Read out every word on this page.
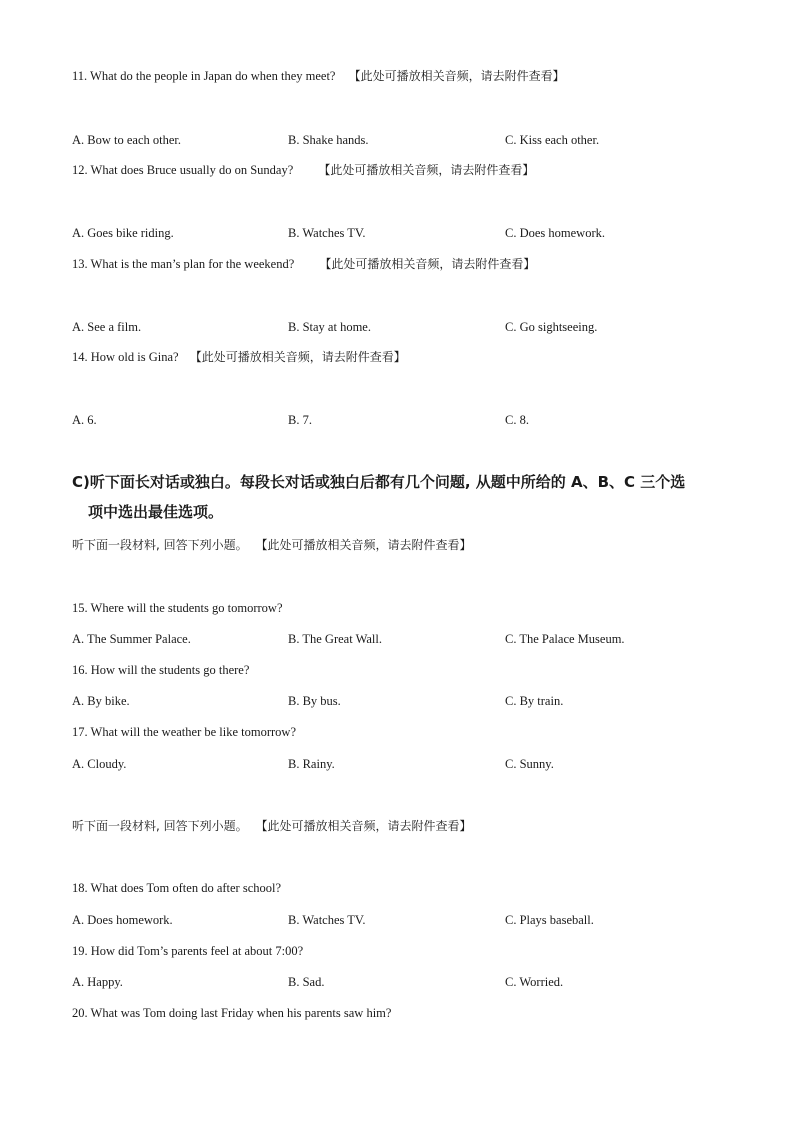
11. What do the people in Japan do when they meet? 【此处可播放相关音频，请去附件查看】
A. Bow to each other.	B. Shake hands.	C. Kiss each other.
12. What does Bruce usually do on Sunday? 【此处可播放相关音频，请去附件查看】
A. Goes bike riding.	B. Watches TV.	C. Does homework.
13. What is the man’s plan for the weekend? 【此处可播放相关音频，请去附件查看】
A. See a film.	B. Stay at home.	C. Go sightseeing.
14. How old is Gina? 【此处可播放相关音频，请去附件查看】
A. 6.	B. 7.	C. 8.
C)听下面长对话或独白。每段长对话或独白后都有几个问题, 从题中所给的 A、B、C 三个选
项中选出最佳选项。
听下面一段材料, 回答下列小题。 【此处可播放相关音频，请去附件查看】
15. Where will the students go tomorrow?
A. The Summer Palace.	B. The Great Wall.	C. The Palace Museum.
16. How will the students go there?
A. By bike.	B. By bus.	C. By train.
17. What will the weather be like tomorrow?
A. Cloudy.	B. Rainy.	C. Sunny.
听下面一段材料, 回答下列小题。 【此处可播放相关音频，请去附件查看】
18. What does Tom often do after school?
A. Does homework.	B. Watches TV.	C. Plays baseball.
19. How did Tom’s parents feel at about 7:00?
A. Happy.	B. Sad.	C. Worried.
20. What was Tom doing last Friday when his parents saw him?
